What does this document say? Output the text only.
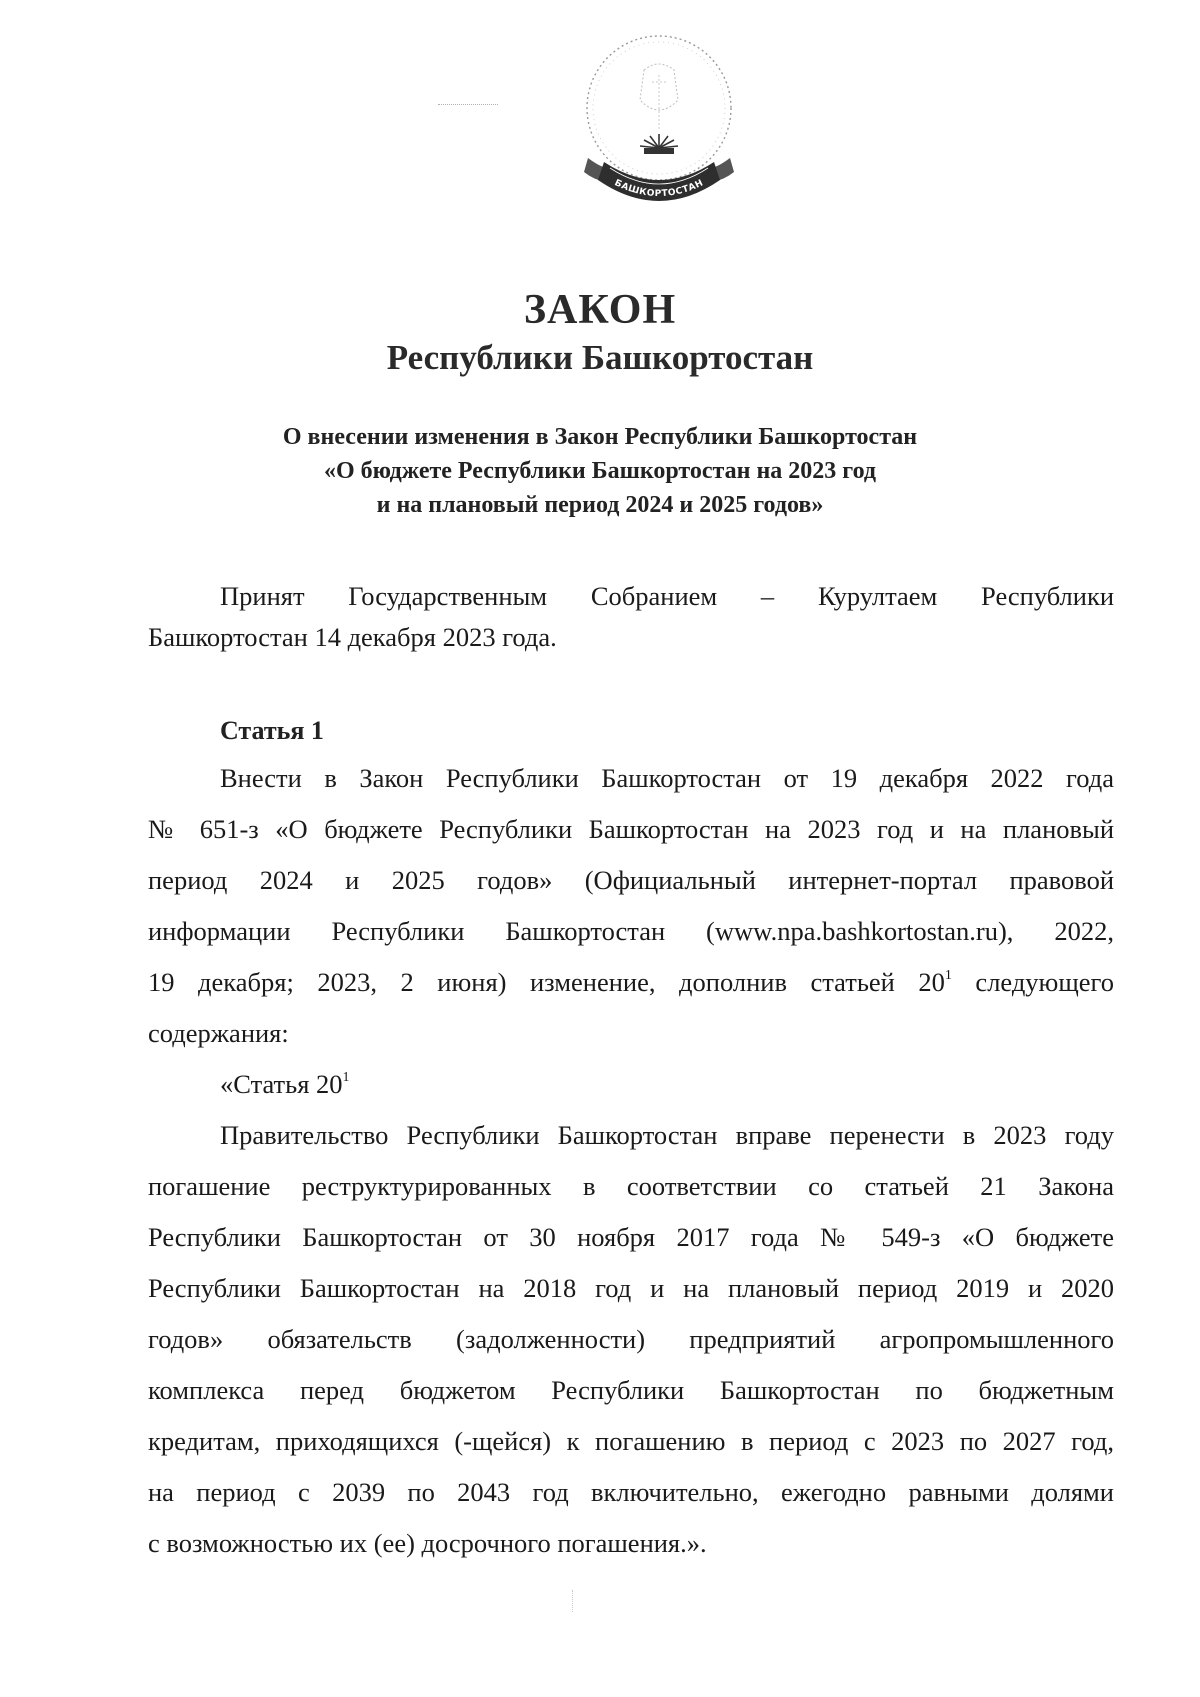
БАШКОРТОСТАН
ЗАКОН
Республики Башкортостан
О внесении изменения в Закон Республики Башкортостан
«О бюджете Республики Башкортостан на 2023 год
и на плановый период 2024 и 2025 годов»
Принят Государственным Собранием – Курултаем Республики
Башкортостан 14 декабря 2023 года.
Статья 1
Внести в Закон Республики Башкортостан от 19 декабря 2022 года
№ 651-з «О бюджете Республики Башкортостан на 2023 год и на плановый
период 2024 и 2025 годов» (Официальный интернет-портал правовой
информации Республики Башкортостан (www.npa.bashkortostan.ru), 2022,
19 декабря; 2023, 2 июня) изменение, дополнив статьей $20^1$ следующего
содержания:
«Статья $20^1$
Правительство Республики Башкортостан вправе перенести в 2023 году
погашение реструктурированных в соответствии со статьей 21 Закона
Республики Башкортостан от 30 ноября 2017 года № 549-з «О бюджете
Республики Башкортостан на 2018 год и на плановый период 2019 и 2020
годов» обязательств (задолженности) предприятий агропромышленного
комплекса перед бюджетом Республики Башкортостан по бюджетным
кредитам, приходящихся (-щейся) к погашению в период с 2023 по 2027 год,
на период с 2039 по 2043 год включительно, ежегодно равными долями
с возможностью их (ее) досрочного погашения.».
